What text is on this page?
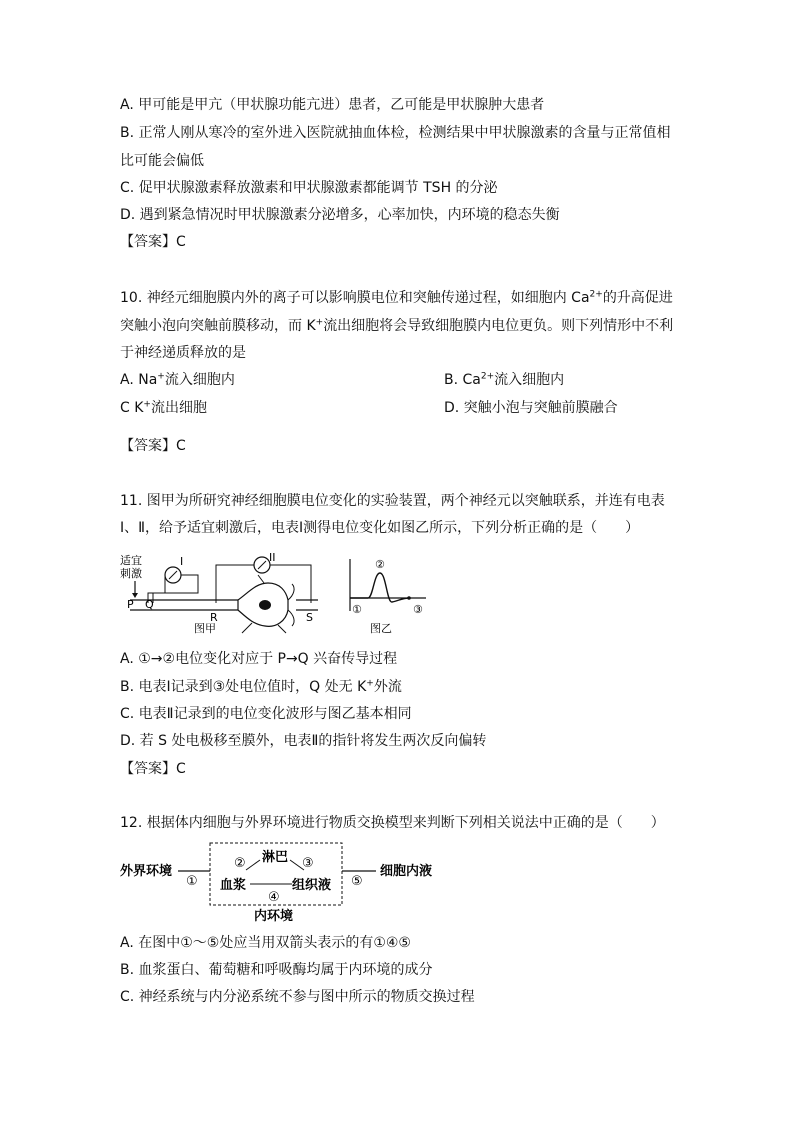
A. 甲可能是甲亢（甲状腺功能亢进）患者，乙可能是甲状腺肿大患者
B. 正常人刚从寒冷的室外进入医院就抽血体检，检测结果中甲状腺激素的含量与正常值相
比可能会偏低
C. 促甲状腺激素释放激素和甲状腺激素都能调节 TSH 的分泌
D. 遇到紧急情况时甲状腺激素分泌增多，心率加快，内环境的稳态失衡
【答案】C
10. 神经元细胞膜内外的离子可以影响膜电位和突触传递过程，如细胞内 $Ca^{2+}$的升高促进
突触小泡向突触前膜移动，而 K+流出细胞将会导致细胞膜内电位更负。则下列情形中不利
于神经递质释放的是
A. Na+流入细胞内	B. $Ca^{2+}$流入细胞内
C K+流出细胞	D. 突触小泡与突触前膜融合
【答案】C
11. 图甲为所研究神经细胞膜电位变化的实验装置，两个神经元以突触联系，并连有电表
Ⅰ、Ⅱ，给予适宜刺激后，电表Ⅰ测得电位变化如图乙所示，下列分析正确的是（　　）
适宜
刺激
I
P Q
II
R	S
图甲
①
②
③
图乙
A. ①→②电位变化对应于 P→Q 兴奋传导过程
B. 电表Ⅰ记录到③处电位值时，Q 处无 K+外流
C. 电表Ⅱ记录到的电位变化波形与图乙基本相同
D. 若 S 处电极移至膜外，电表Ⅱ的指针将发生两次反向偏转
【答案】C
12. 根据体内细胞与外界环境进行物质交换模型来判断下列相关说法中正确的是（　　）
外界环境
①
淋巴
②	③
血浆	组织液
④
内环境
⑤
细胞内液
A. 在图中①～⑤处应当用双箭头表示的有①④⑤
B. 血浆蛋白、葡萄糖和呼吸酶均属于内环境的成分
C. 神经系统与内分泌系统不参与图中所示的物质交换过程
